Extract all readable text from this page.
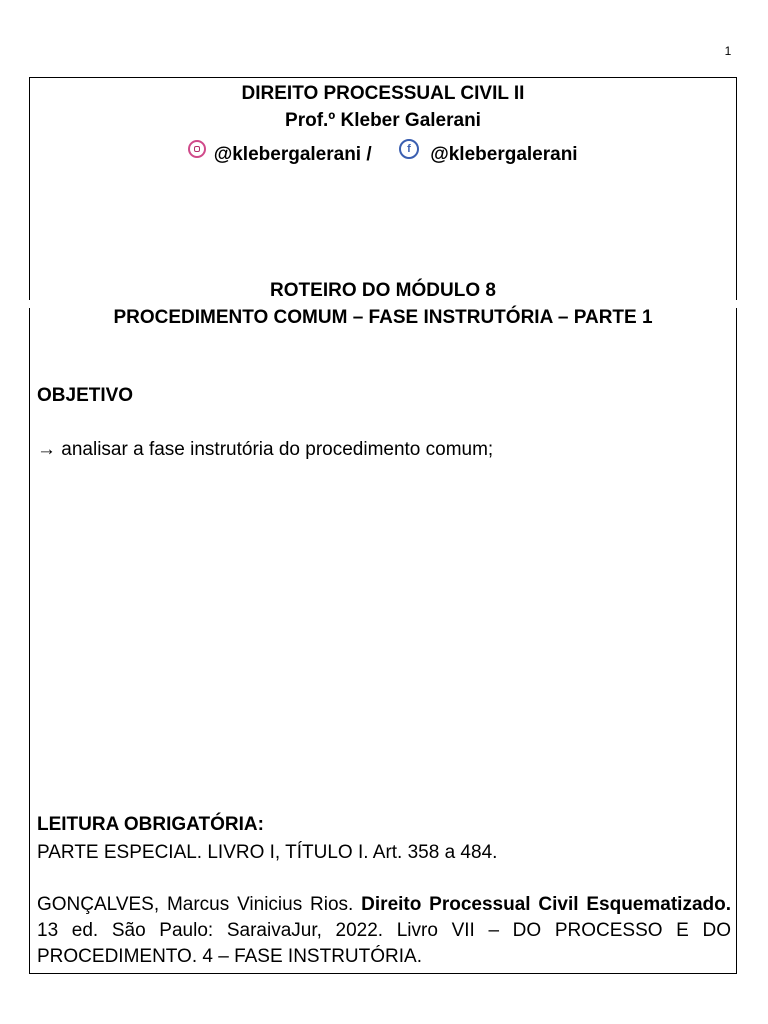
1
DIREITO PROCESSUAL CIVIL II
Prof.º Kleber Galerani
@klebergalerani /	f @klebergalerani
ROTEIRO DO MÓDULO 8
PROCEDIMENTO COMUM – FASE INSTRUTÓRIA – PARTE 1
OBJETIVO
→ analisar a fase instrutória do procedimento comum;
LEITURA OBRIGATÓRIA:
PARTE ESPECIAL. LIVRO I, TÍTULO I. Art. 358 a 484.
GONÇALVES, Marcus Vinicius Rios. Direito Processual Civil Esquematizado. 13 ed. São Paulo: SaraivaJur, 2022. Livro VII – DO PROCESSO E DO PROCEDIMENTO. 4 – FASE INSTRUTÓRIA.
